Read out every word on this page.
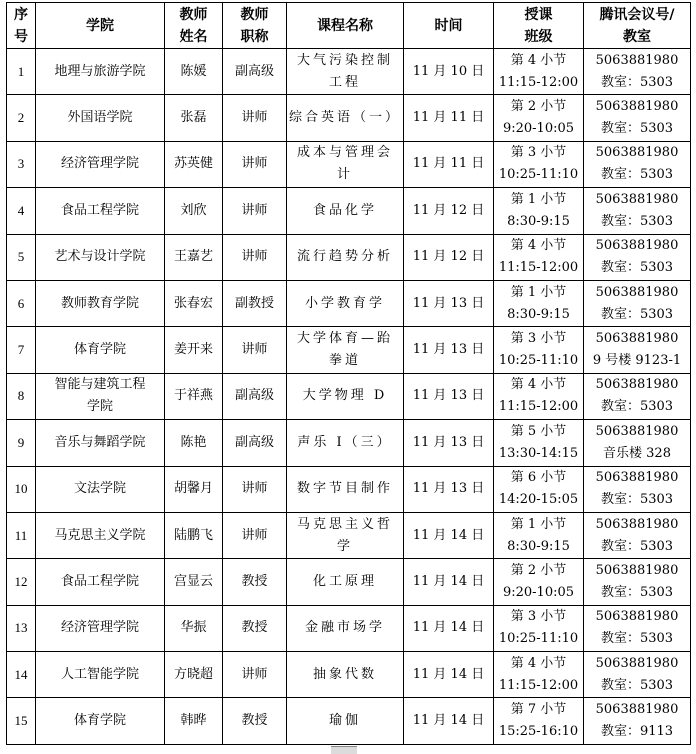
序
号	学院	教师
姓名	教师
职称	课程名称	时间	授课
班级	腾讯会议号/
教室

1	地理与旅游学院	陈媛	副高级	大气污染控制
工程	11 月 10 日	第 4 小节
11:15-12:00	5063881980
教室：5303

2	外国语学院	张磊	讲师	综合英语（一）	11 月 11 日	第 2 小节
9:20-10:05	5063881980
教室：5303

3	经济管理学院	苏英健	讲师	成本与管理会
计	11 月 11 日	第 3 小节
10:25-11:10	5063881980
教室：5303

4	食品工程学院	刘欣	讲师	食品化学	11 月 12 日	第 1 小节
8:30-9:15	5063881980
教室：5303

5	艺术与设计学院	王嘉艺	讲师	流行趋势分析	11 月 12 日	第 4 小节
11:15-12:00	5063881980
教室：5303

6	教师教育学院	张春宏	副教授	小学教育学	11 月 13 日	第 1 小节
8:30-9:15	5063881980
教室：5303

7	体育学院	姜开来	讲师	大学体育—跆
拳道	11 月 13 日	第 3 小节
10:25-11:10	5063881980
9 号楼 9123-1

8	智能与建筑工程
学院	于祥燕	副高级	大学物理 D	11 月 13 日	第 4 小节
11:15-12:00	5063881980
教室：5303

9	音乐与舞蹈学院	陈艳	副高级	声乐 I（三）	11 月 13 日	第 5 小节
13:30-14:15	5063881980
音乐楼 328

10	文法学院	胡馨月	讲师	数字节目制作	11 月 13 日	第 6 小节
14:20-15:05	5063881980
教室：5303

11	马克思主义学院	陆鹏飞	讲师	马克思主义哲
学	11 月 14 日	第 1 小节
8:30-9:15	5063881980
教室：5303

12	食品工程学院	宫显云	教授	化工原理	11 月 14 日	第 2 小节
9:20-10:05	5063881980
教室：5303

13	经济管理学院	华振	教授	金融市场学	11 月 14 日	第 3 小节
10:25-11:10	5063881980
教室：5303

14	人工智能学院	方晓超	讲师	抽象代数	11 月 14 日	第 4 小节
11:15-12:00	5063881980
教室：5303

15	体育学院	韩晔	教授	瑜伽	11 月 14 日	第 7 小节
15:25-16:10	5063881980
教室：9113
